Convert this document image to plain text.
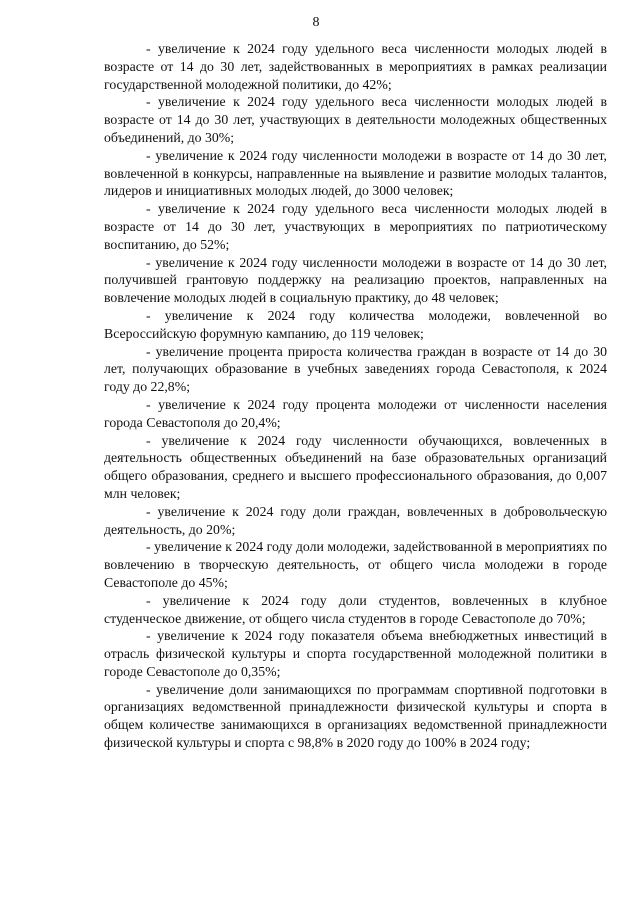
8

- увеличение к 2024 году удельного веса численности молодых людей в возрасте от 14 до 30 лет, задействованных в мероприятиях в рамках реализации государственной молодежной политики, до 42%;

- увеличение к 2024 году удельного веса численности молодых людей в возрасте от 14 до 30 лет, участвующих в деятельности молодежных общественных объединений, до 30%;

- увеличение к 2024 году численности молодежи в возрасте от 14 до 30 лет, вовлеченной в конкурсы, направленные на выявление и развитие молодых талантов, лидеров и инициативных молодых людей, до 3000 человек;

- увеличение к 2024 году удельного веса численности молодых людей в возрасте от 14 до 30 лет, участвующих в мероприятиях по патриотическому воспитанию, до 52%;

- увеличение к 2024 году численности молодежи в возрасте от 14 до 30 лет, получившей грантовую поддержку на реализацию проектов, направленных на вовлечение молодых людей в социальную практику, до 48 человек;

- увеличение к 2024 году количества молодежи, вовлеченной во Всероссийскую форумную кампанию, до 119 человек;

- увеличение процента прироста количества граждан в возрасте от 14 до 30 лет, получающих образование в учебных заведениях города Севастополя, к 2024 году до 22,8%;

- увеличение к 2024 году процента молодежи от численности населения города Севастополя до 20,4%;

- увеличение к 2024 году численности обучающихся, вовлеченных в деятельность общественных объединений на базе образовательных организаций общего образования, среднего и высшего профессионального образования, до 0,007 млн человек;

- увеличение к 2024 году доли граждан, вовлеченных в добровольческую деятельность, до 20%;

- увеличение к 2024 году доли молодежи, задействованной в мероприятиях по вовлечению в творческую деятельность, от общего числа молодежи в городе Севастополе до 45%;

- увеличение к 2024 году доли студентов, вовлеченных в клубное студенческое движение, от общего числа студентов в городе Севастополе до 70%;

- увеличение к 2024 году показателя объема внебюджетных инвестиций в отрасль физической культуры и спорта государственной молодежной политики в городе Севастополе до 0,35%;

- увеличение доли занимающихся по программам спортивной подготовки в организациях ведомственной принадлежности физической культуры и спорта в общем количестве занимающихся в организациях ведомственной принадлежности физической культуры и спорта с 98,8% в 2020 году до 100% в 2024 году;
